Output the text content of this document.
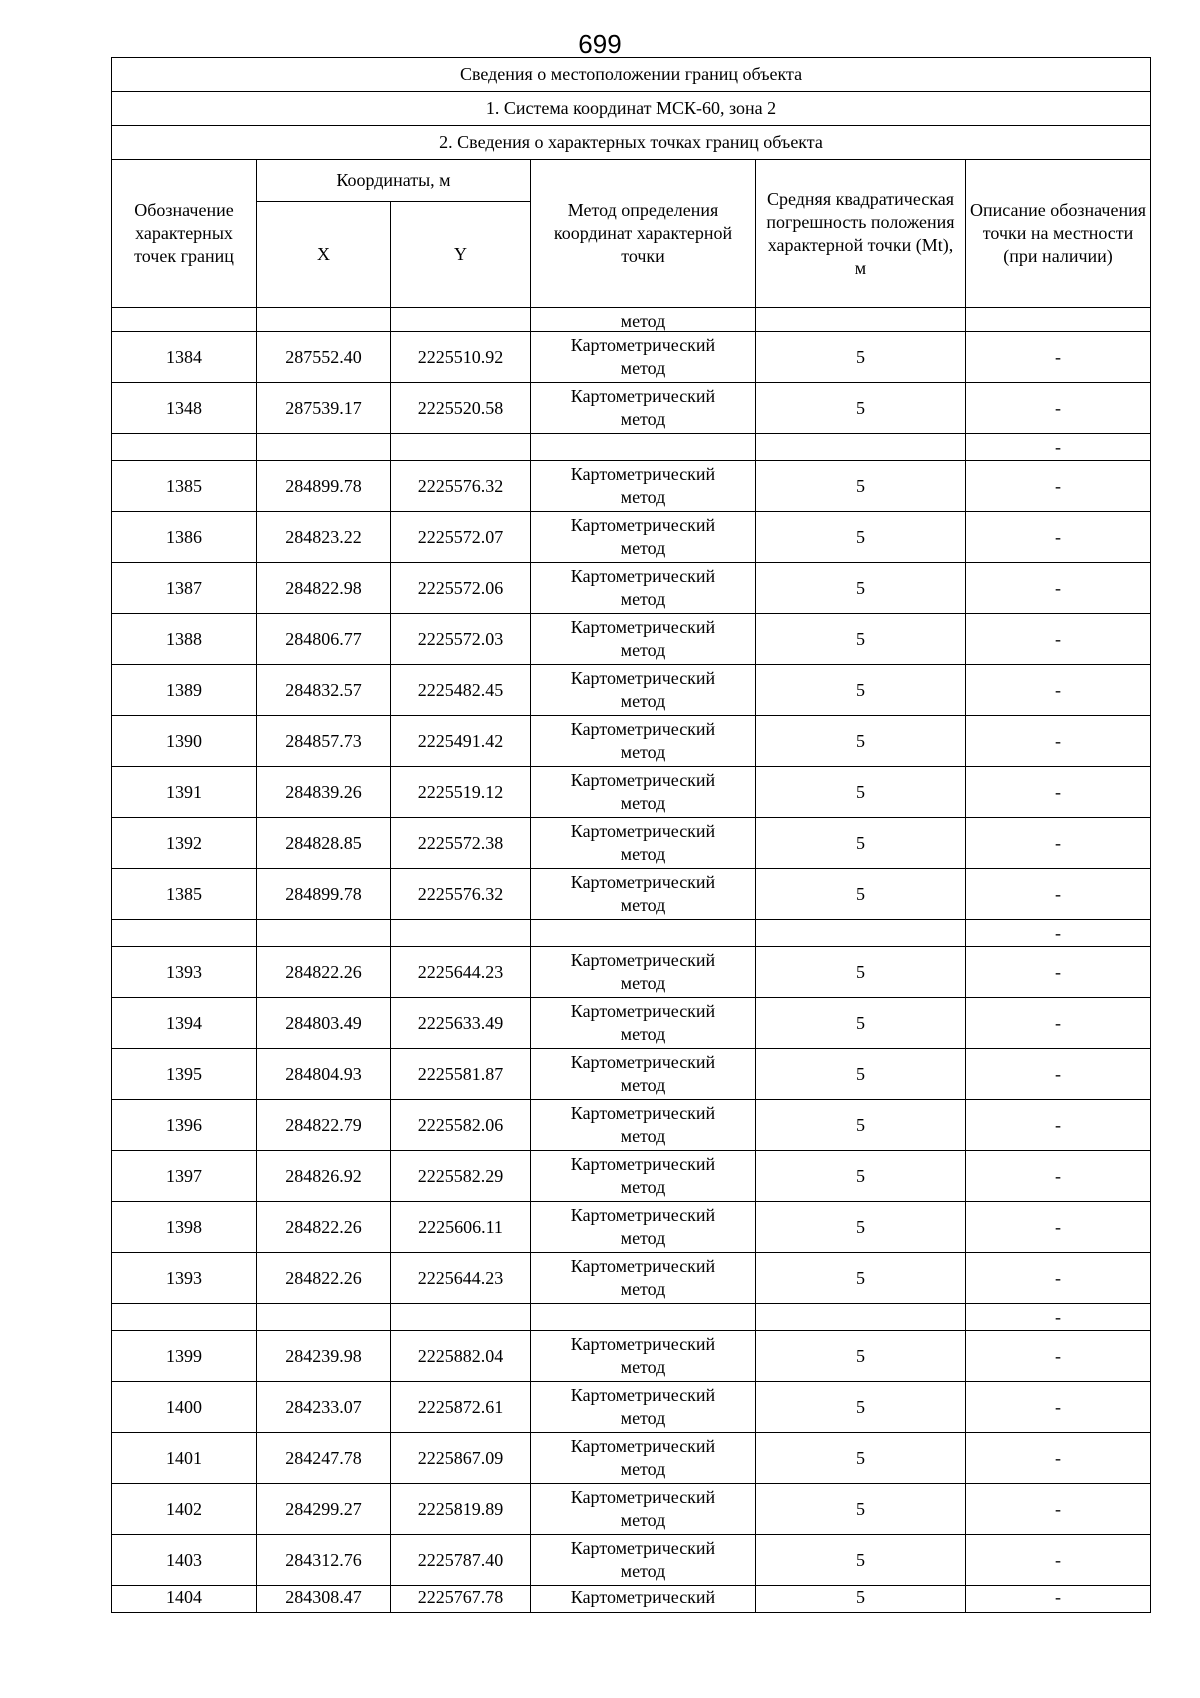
699
Сведения о местоположении границ объекта					
1. Система координат МСК-60, зона 2					
2. Сведения о характерных точках границ объекта					
Обозначение характерных точек границ	Координаты, м		Метод определения координат характерной точки	Средняя квадратическая погрешность положения характерной точки (Mt), м	Описание обозначения точки на местности (при наличии)
	X	Y			
			метод		
1384	287552.40	2225510.92	Картометрический
метод	5	-
1348	287539.17	2225520.58	Картометрический
метод	5	-
					-
1385	284899.78	2225576.32	Картометрический
метод	5	-
1386	284823.22	2225572.07	Картометрический
метод	5	-
1387	284822.98	2225572.06	Картометрический
метод	5	-
1388	284806.77	2225572.03	Картометрический
метод	5	-
1389	284832.57	2225482.45	Картометрический
метод	5	-
1390	284857.73	2225491.42	Картометрический
метод	5	-
1391	284839.26	2225519.12	Картометрический
метод	5	-
1392	284828.85	2225572.38	Картометрический
метод	5	-
1385	284899.78	2225576.32	Картометрический
метод	5	-
					-
1393	284822.26	2225644.23	Картометрический
метод	5	-
1394	284803.49	2225633.49	Картометрический
метод	5	-
1395	284804.93	2225581.87	Картометрический
метод	5	-
1396	284822.79	2225582.06	Картометрический
метод	5	-
1397	284826.92	2225582.29	Картометрический
метод	5	-
1398	284822.26	2225606.11	Картометрический
метод	5	-
1393	284822.26	2225644.23	Картометрический
метод	5	-
					-
1399	284239.98	2225882.04	Картометрический
метод	5	-
1400	284233.07	2225872.61	Картометрический
метод	5	-
1401	284247.78	2225867.09	Картометрический
метод	5	-
1402	284299.27	2225819.89	Картометрический
метод	5	-
1403	284312.76	2225787.40	Картометрический
метод	5	-
1404	284308.47	2225767.78	Картометрический	5	-
